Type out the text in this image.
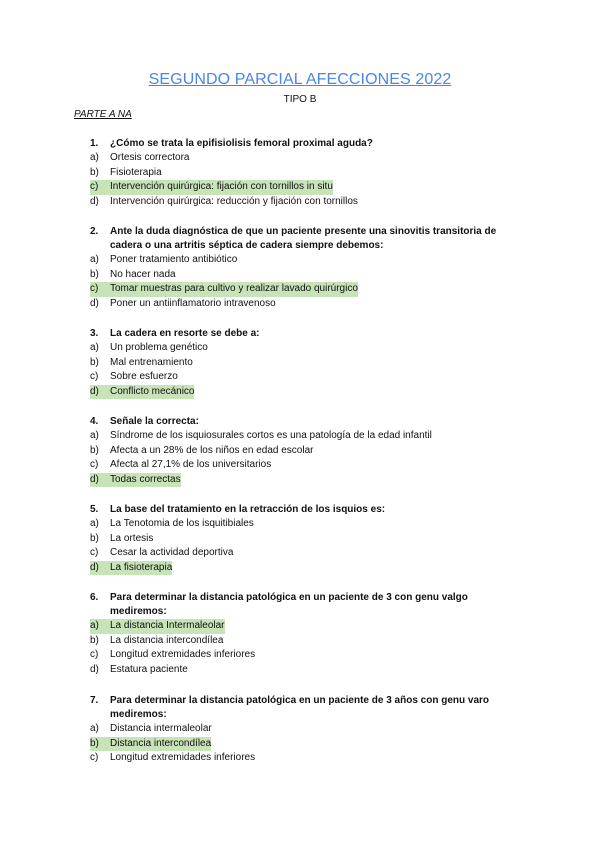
SEGUNDO PARCIAL AFECCIONES 2022
TIPO B
PARTE A NA
1.	¿Cómo se trata la epifisiolisis femoral proximal aguda?
a)	Ortesis correctora
b)	Fisioterapia
c)	Intervención quirúrgica: fijación con tornillos in situ
d)	Intervención quirúrgica: reducción y fijación con tornillos
2.	Ante la duda diagnóstica de que un paciente presente una sinovitis transitoria de cadera o una artritis séptica de cadera siempre debemos:
a)	Poner tratamiento antibiótico
b)	No hacer nada
c)	Tomar muestras para cultivo y realizar lavado quirúrgico
d)	Poner un antiinflamatorio intravenoso
3.	La cadera en resorte se debe a:
a)	Un problema genético
b)	Mal entrenamiento
c)	Sobre esfuerzo
d)	Conflicto mecánico
4.	Señale la correcta:
a)	Síndrome de los isquiosurales cortos es una patología de la edad infantil
b)	Afecta a un 28% de los niños en edad escolar
c)	Afecta al 27,1% de los universitarios
d)	Todas correctas
5.	La base del tratamiento en la retracción de los isquios es:
a)	La Tenotomia de los isquitibiales
b)	La ortesis
c)	Cesar la actividad deportiva
d)	La fisioterapia
6.	Para determinar la distancia patológica en un paciente de 3 con genu valgo mediremos:
a)	La distancia Intermaleolar
b)	La distancia intercondílea
c)	Longitud extremidades inferiores
d)	Estatura paciente
7.	Para determinar la distancia patológica en un paciente de 3 años con genu varo mediremos:
a)	Distancia intermaleolar
b)	Distancia intercondílea
c)	Longitud extremidades inferiores
